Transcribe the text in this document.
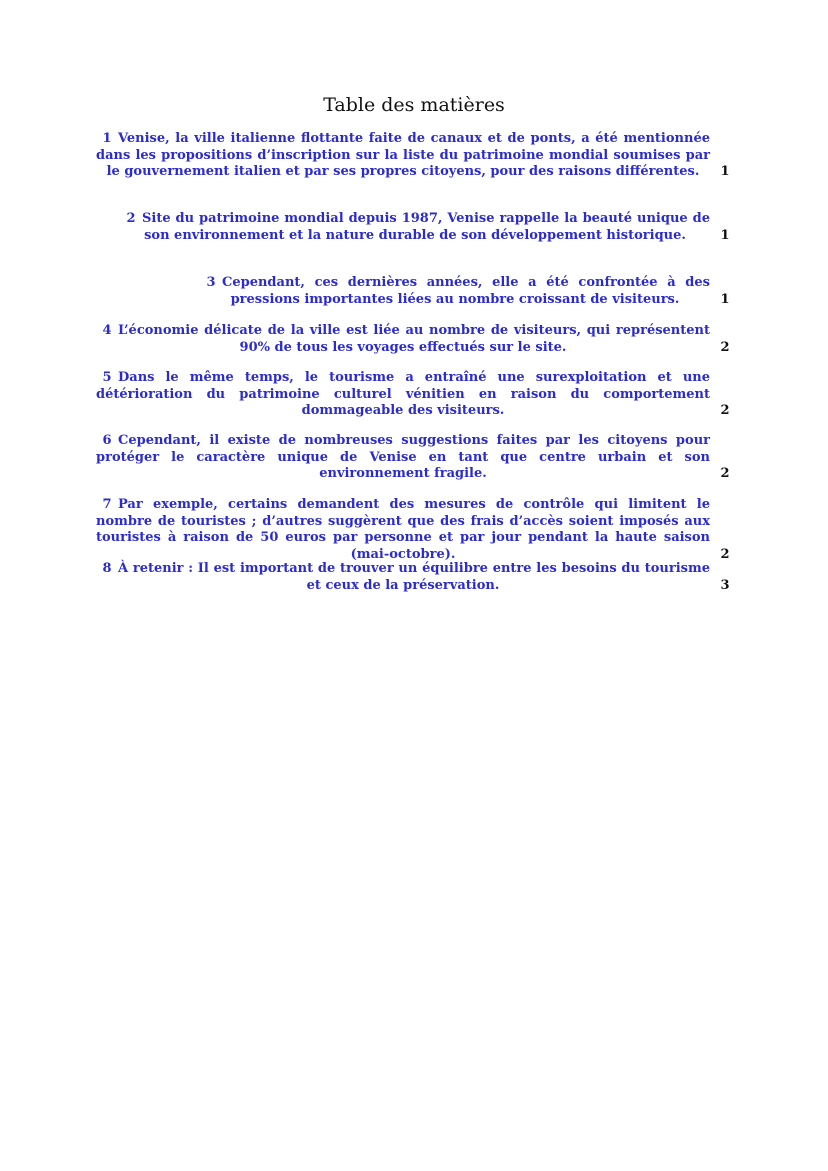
Table des matières
1 Venise, la ville italienne flottante faite de canaux et de ponts, a été mentionnée dans les propositions d’inscription sur la liste du patrimoine mondial soumises par le gouvernement italien et par ses propres citoyens, pour des raisons différentes. 1
2 Site du patrimoine mondial depuis 1987, Venise rappelle la beauté unique de son environnement et la nature durable de son développement historique.	1
3 Cependant, ces dernières années, elle a été confrontée à des pressions importantes liées au nombre croissant de visiteurs.	1
4 L’économie délicate de la ville est liée au nombre de visiteurs, qui représentent 90% de tous les voyages effectués sur le site.	2
5 Dans le même temps, le tourisme a entraîné une surexploitation et une détérioration du patrimoine culturel vénitien en raison du comportement dommageable des visiteurs.	2
6 Cependant, il existe de nombreuses suggestions faites par les citoyens pour protéger le caractère unique de Venise en tant que centre urbain et son environnement fragile.	2
7 Par exemple, certains demandent des mesures de contrôle qui limitent le nombre de touristes ; d’autres suggèrent que des frais d’accès soient imposés aux touristes à raison de 50 euros par personne et par jour pendant la haute saison (mai-octobre).	2
8 À retenir : Il est important de trouver un équilibre entre les besoins du tourisme et ceux de la préservation.	3
